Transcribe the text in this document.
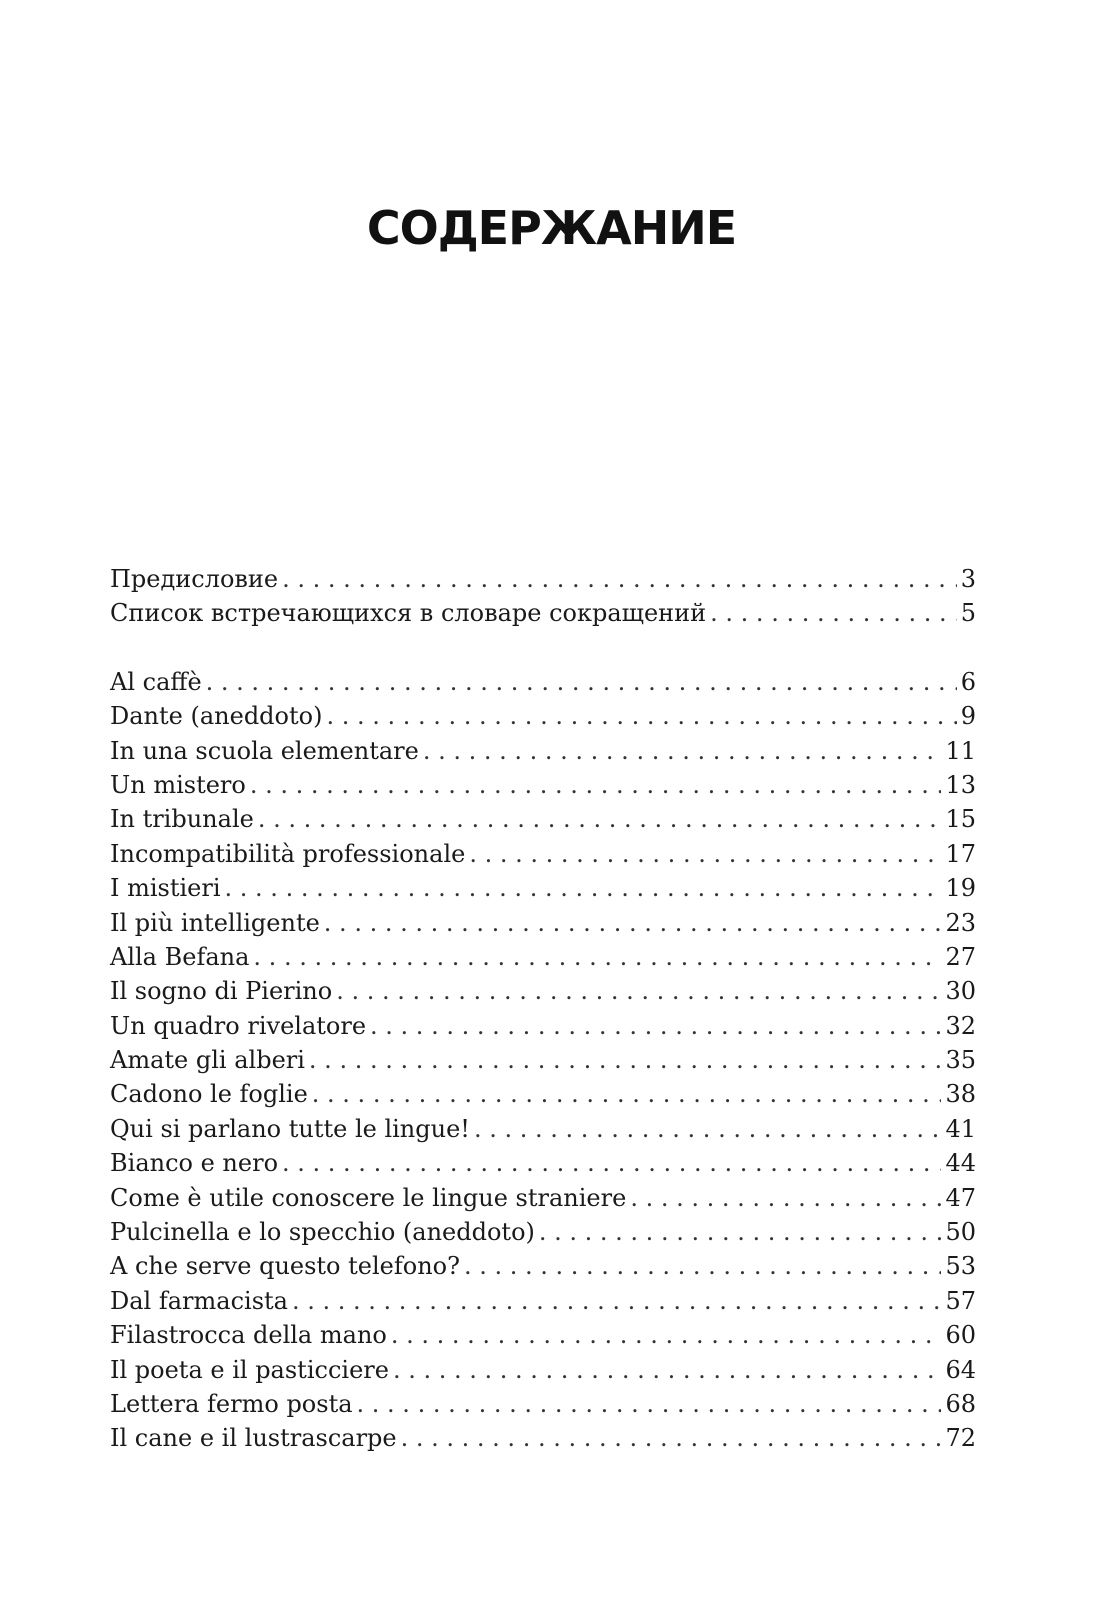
СОДЕРЖАНИЕ
Предисловие . . .	3
Список встречающихся в словаре сокращений . . .	5
Al caffè . . .	6
Dante (aneddoto) . . .	9
In una scuola elementare . . .	11
Un mistero . . .	13
In tribunale . . .	15
Incompatibilità professionale . . .	17
I mistieri . . .	19
Il più intelligente . . .	23
Alla Befana . . .	27
Il sogno di Pierino . . .	30
Un quadro rivelatore . . .	32
Amate gli alberi . . .	35
Cadono le foglie . . .	38
Qui si parlano tutte le lingue! . . .	41
Bianco e nero . . .	44
Come è utile conoscere le lingue straniere . . .	47
Pulcinella e lo specchio (aneddoto) . . .	50
A che serve questo telefono? . . .	53
Dal farmacista . . .	57
Filastrocca della mano . . .	60
Il poeta e il pasticciere . . .	64
Lettera fermo posta . . .	68
Il cane e il lustrascarpe . . .	72
